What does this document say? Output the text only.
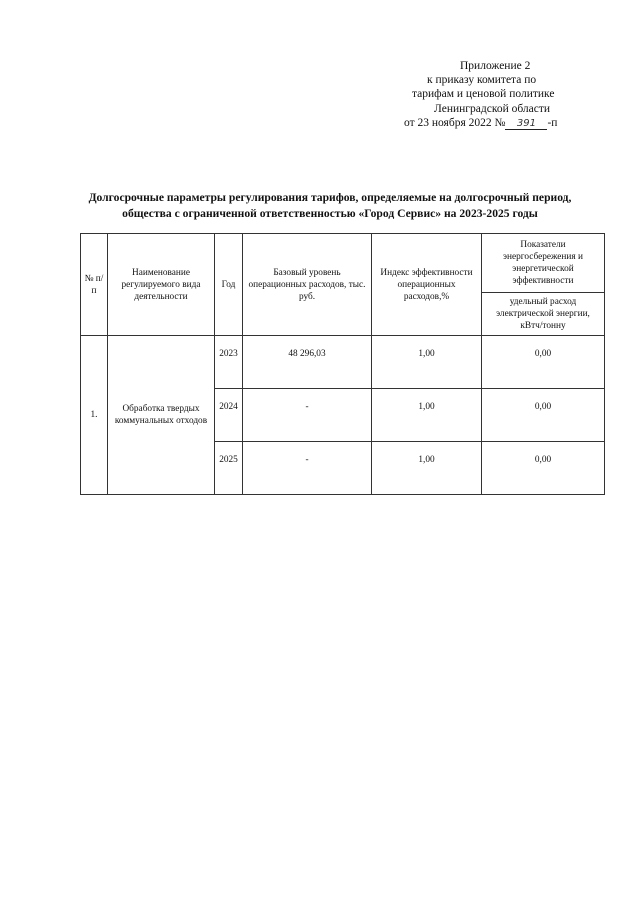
Приложение 2
к приказу комитета по
тарифам и ценовой политике
Ленинградской области
от 23 ноября 2022 № 391 -п
Долгосрочные параметры регулирования тарифов, определяемые на долгосрочный период,
общества с ограниченной ответственностью «Город Сервис» на 2023-2025 годы
№ п/п	Наименование регулируемого вида деятельности	Год	Базовый уровень операционных расходов, тыс. руб.	Индекс эффективности операционных расходов,%	Показатели энергосбережения и энергетической эффективности
					удельный расход электрической энергии, кВтч/тонну
1.	Обработка твердых коммунальных отходов	2023	48 296,03	1,00	0,00
		2024	-	1,00	0,00
		2025	-	1,00	0,00
